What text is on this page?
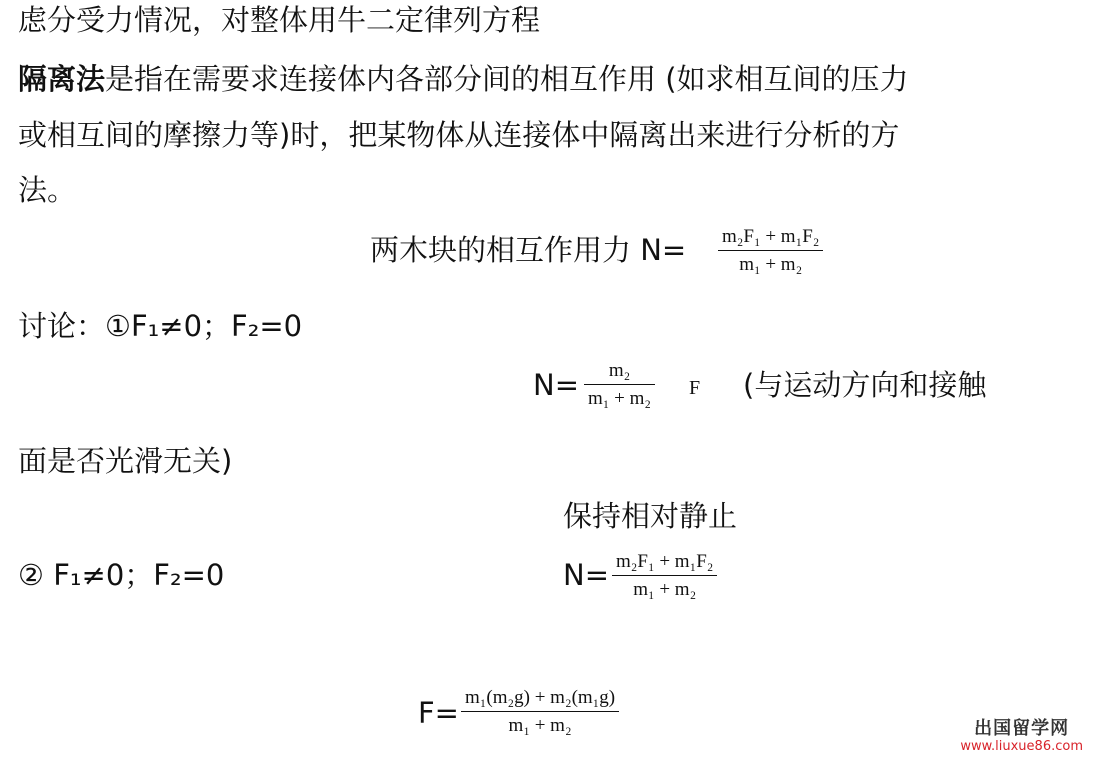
虑分受力情况，对整体用牛二定律列方程
隔离法是指在需要求连接体内各部分间的相互作用 (如求相互间的压力
或相互间的摩擦力等)时，把某物体从连接体中隔离出来进行分析的方
法。
两木块的相互作用力 N= m₂F₁ + m₁F₂
m₁ + m₂
讨论：①F₁≠0；F₂=0
N= m₂
m₁ + m₂ F (与运动方向和接触
面是否光滑无关)
保持相对静止
② F₁≠0；F₂=0	N= m₂F₁ + m₁F₂
m₁ + m₂
F= m₁(m₂g) + m₂(m₁g)
m₁ + m₂	出国留学网
www.liuxue86.com
